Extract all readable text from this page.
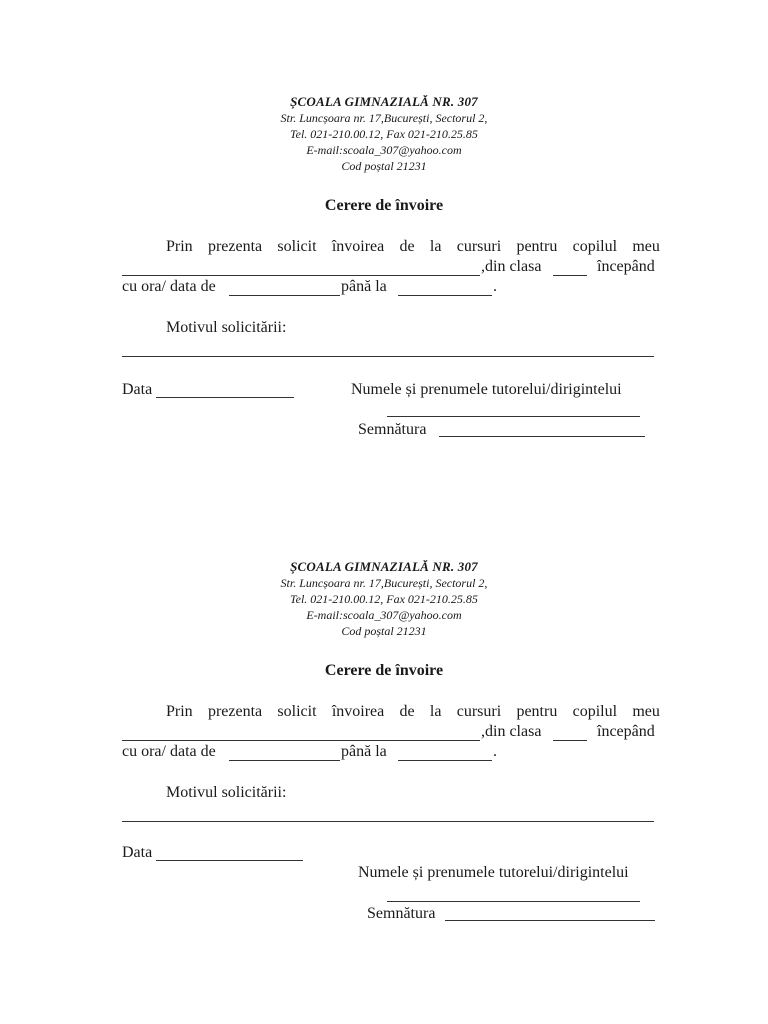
ȘCOALA GIMNAZIALĂ NR. 307
Str. Luncșoara nr. 17,București, Sectorul 2,
Tel. 021-210.00.12, Fax 021-210.25.85
E-mail:scoala_307@yahoo.com
Cod poștal 21231
Cerere de învoire
Prin prezenta solicit învoirea de la cursuri pentru copilul meu
,din clasa	începând
cu ora/ data de	până la	.
Motivul solicitării:
Data	Numele și prenumele tutorelui/dirigintelui
Semnătura
ȘCOALA GIMNAZIALĂ NR. 307
Str. Luncșoara nr. 17,București, Sectorul 2,
Tel. 021-210.00.12, Fax 021-210.25.85
E-mail:scoala_307@yahoo.com
Cod poștal 21231
Cerere de învoire
Prin prezenta solicit învoirea de la cursuri pentru copilul meu
,din clasa	începând
cu ora/ data de	până la	.
Motivul solicitării:
Data
Numele și prenumele tutorelui/dirigintelui
Semnătura
